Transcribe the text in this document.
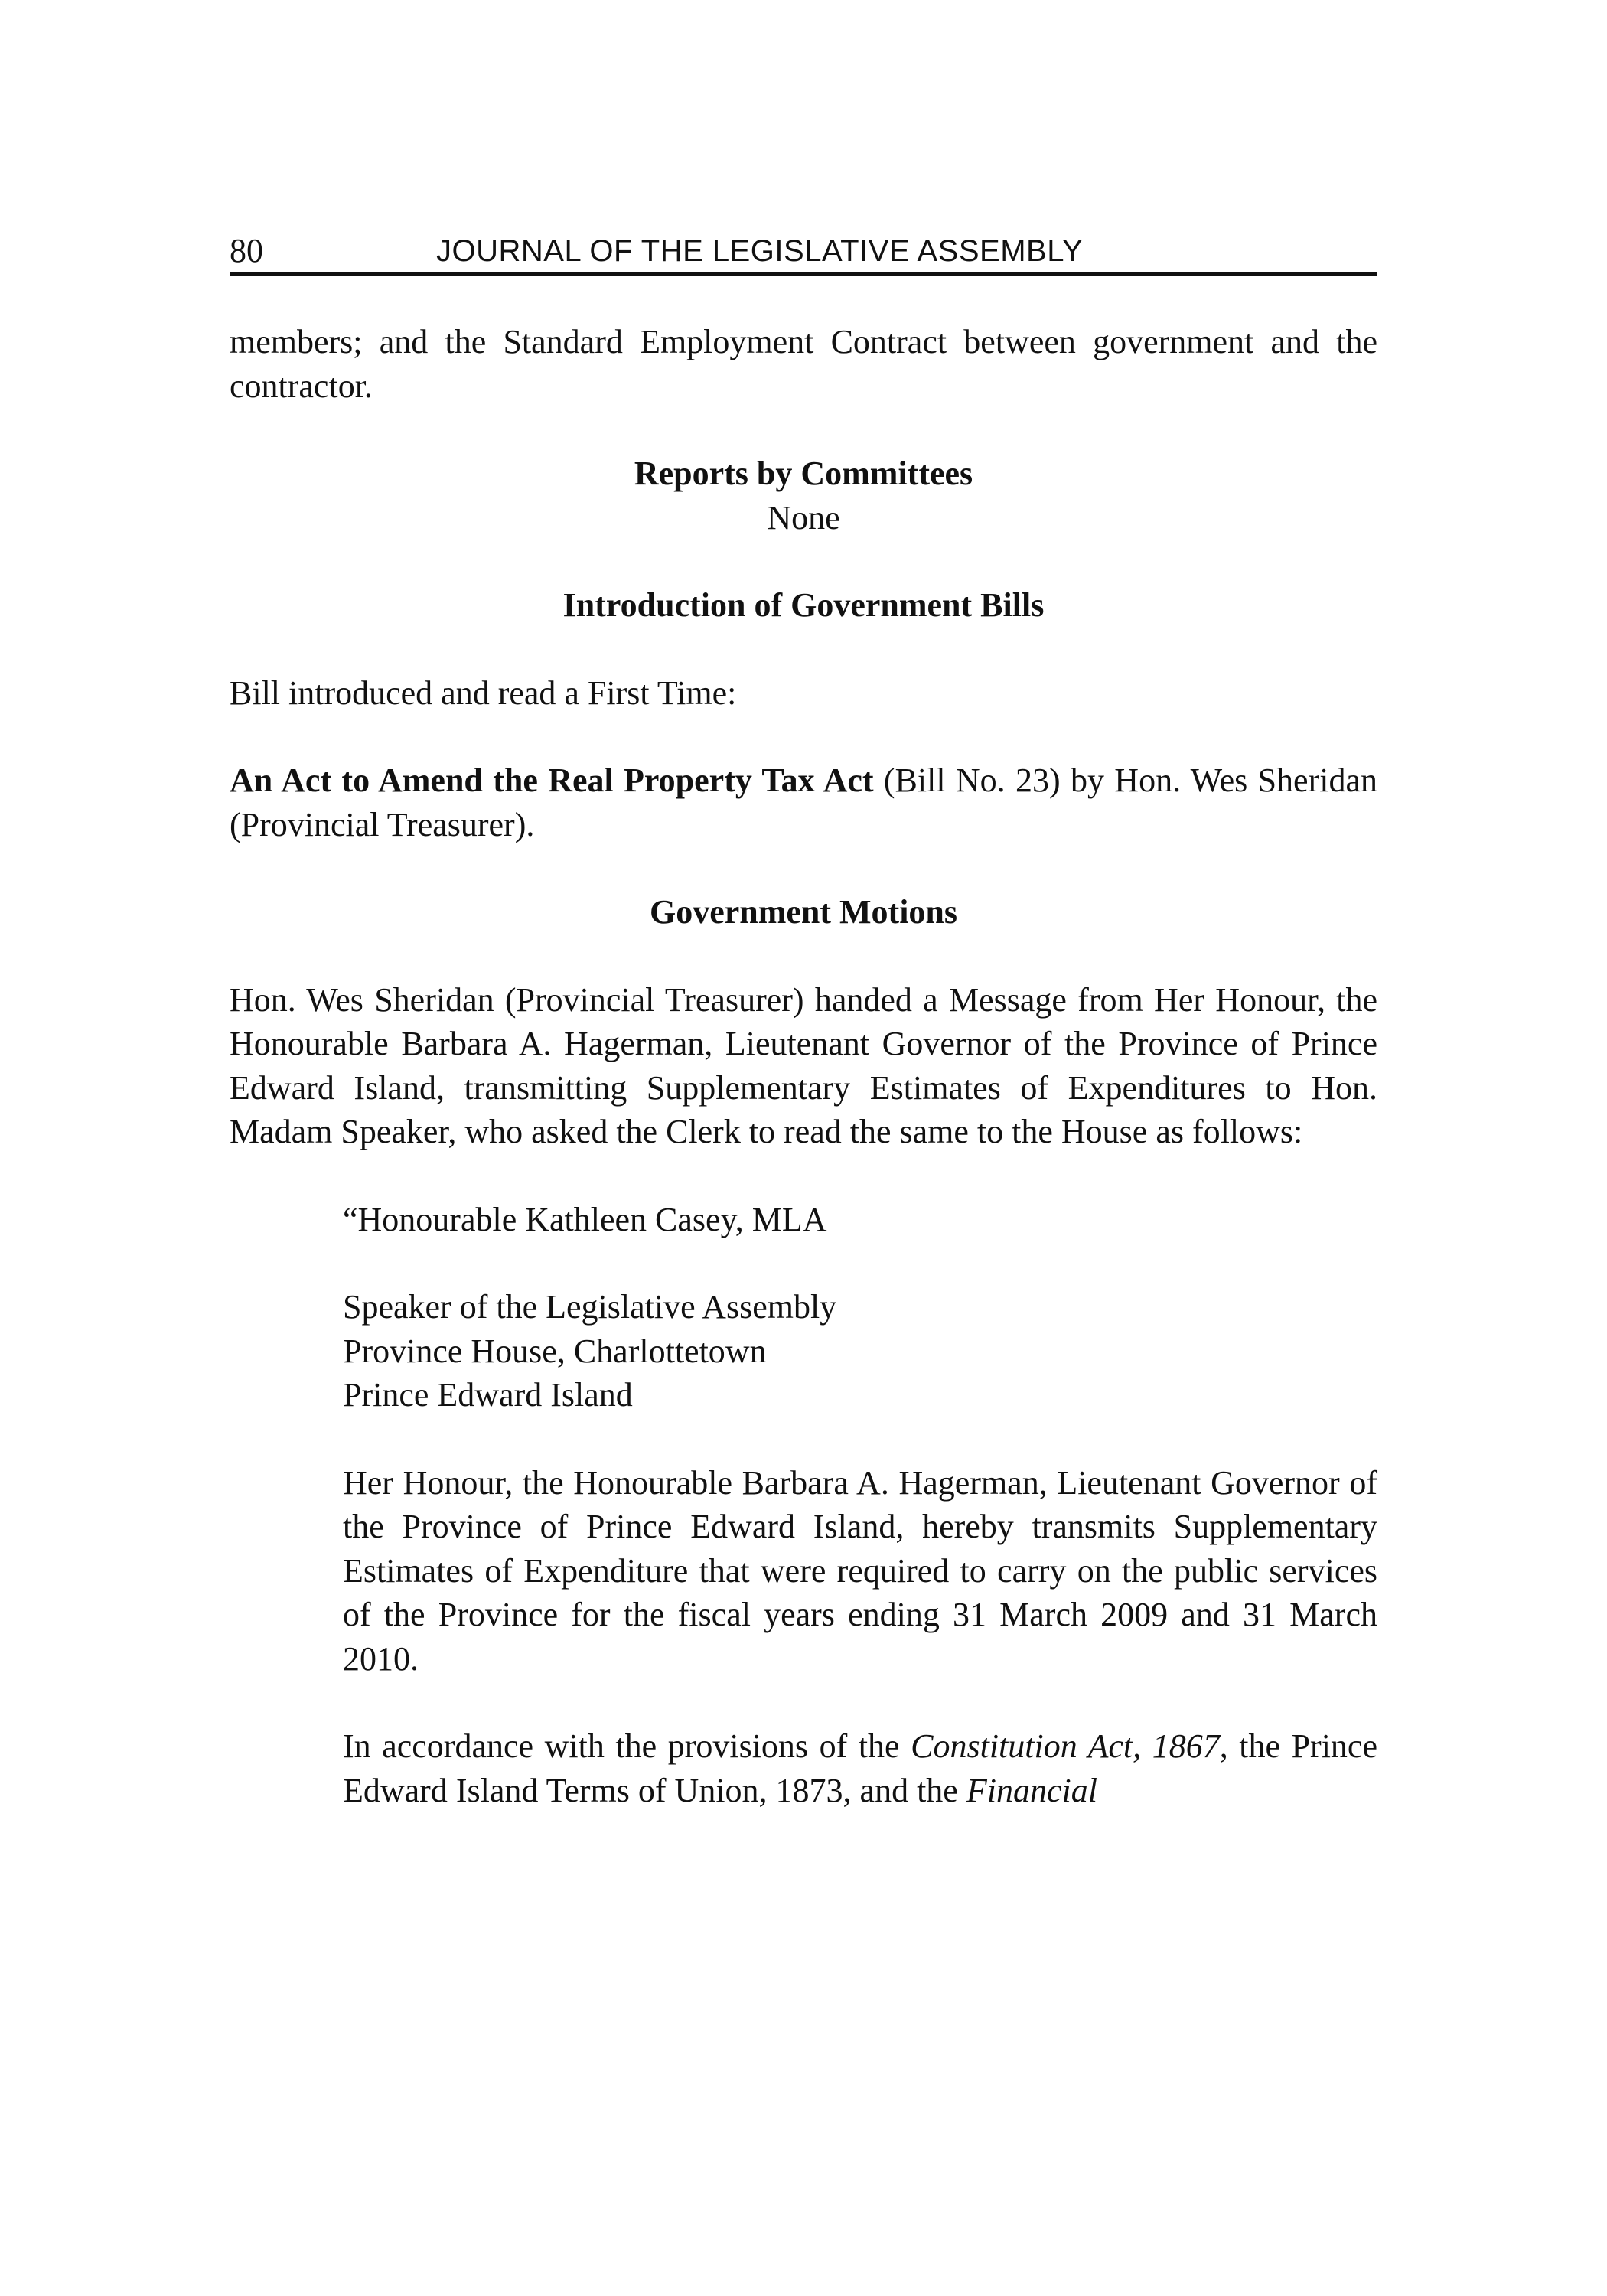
80	JOURNAL OF THE LEGISLATIVE ASSEMBLY

members; and the Standard Employment Contract between government and the contractor.

Reports by Committees

None

Introduction of Government Bills

Bill introduced and read a First Time:

An Act to Amend the Real Property Tax Act (Bill No. 23) by Hon. Wes Sheridan (Provincial Treasurer).

Government Motions

Hon. Wes Sheridan (Provincial Treasurer) handed a Message from Her Honour, the Honourable Barbara A. Hagerman, Lieutenant Governor of the Province of Prince Edward Island, transmitting Supplementary Estimates of Expenditures to Hon. Madam Speaker, who asked the Clerk to read the same to the House as follows:

“Honourable Kathleen Casey, MLA

Speaker of the Legislative Assembly

Province House, Charlottetown

Prince Edward Island

Her Honour, the Honourable Barbara A. Hagerman, Lieutenant Governor of the Province of Prince Edward Island, hereby transmits Supplementary Estimates of Expenditure that were required to carry on the public services of the Province for the fiscal years ending 31 March 2009 and 31 March 2010.

In accordance with the provisions of the Constitution Act, 1867, the Prince Edward Island Terms of Union, 1873, and the Financial
